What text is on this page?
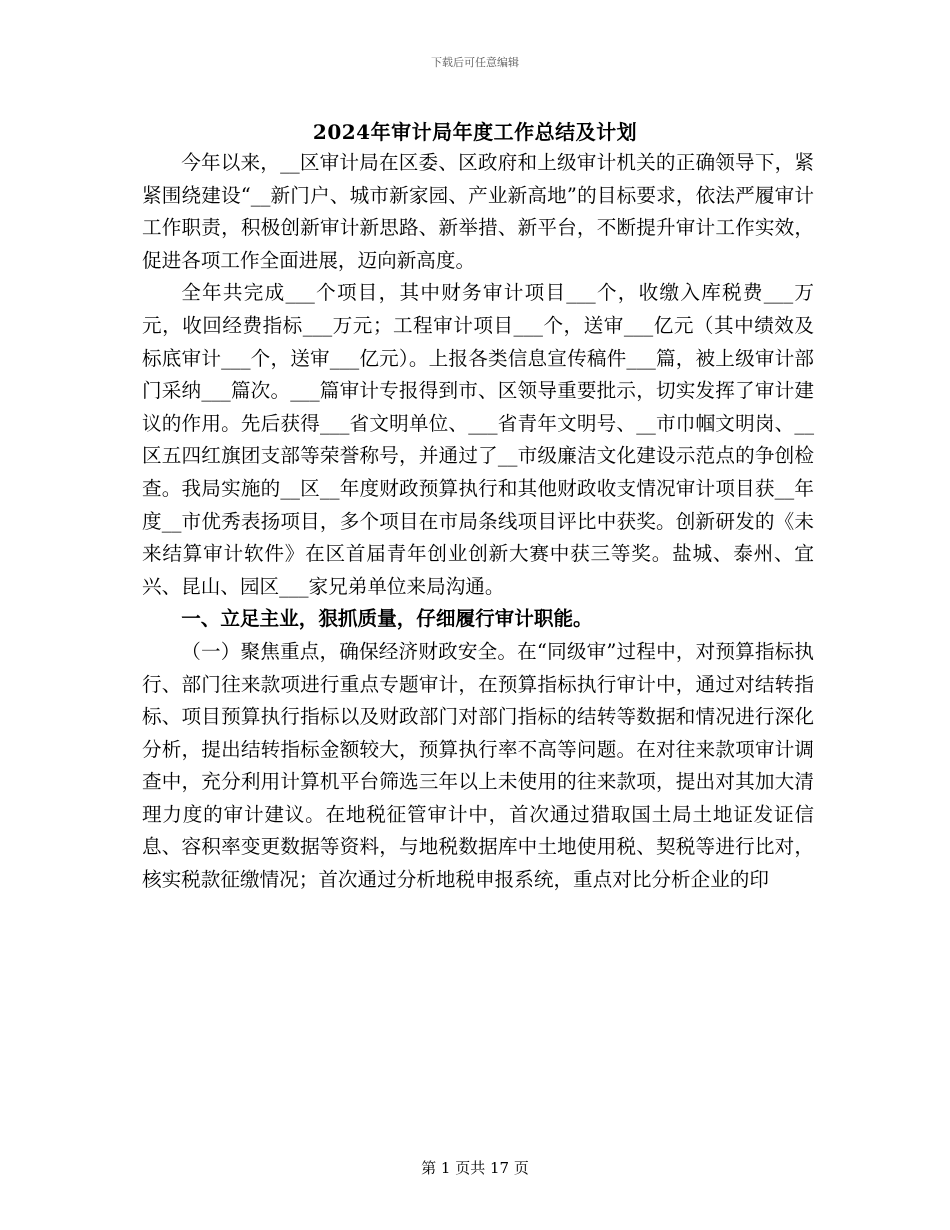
下载后可任意编辑
2024年审计局年度工作总结及计划

今年以来，__区审计局在区委、区政府和上级审计机关的正确领导下，紧紧围绕建设“__新门户、城市新家园、产业新高地”的目标要求，依法严履审计工作职责，积极创新审计新思路、新举措、新平台，不断提升审计工作实效，促进各项工作全面进展，迈向新高度。

全年共完成___个项目，其中财务审计项目___个，收缴入库税费___万元，收回经费指标___万元；工程审计项目___个，送审___亿元（其中绩效及标底审计___个，送审___亿元）。上报各类信息宣传稿件___篇，被上级审计部门采纳___篇次。___篇审计专报得到市、区领导重要批示，切实发挥了审计建议的作用。先后获得___省文明单位、___省青年文明号、__市巾帼文明岗、__区五四红旗团支部等荣誉称号，并通过了__市级廉洁文化建设示范点的争创检查。我局实施的__区__年度财政预算执行和其他财政收支情况审计项目获__年度__市优秀表扬项目，多个项目在市局条线项目评比中获奖。创新研发的《未来结算审计软件》在区首届青年创业创新大赛中获三等奖。盐城、泰州、宜兴、昆山、园区___家兄弟单位来局沟通。

一、立足主业，狠抓质量，仔细履行审计职能。

（一）聚焦重点，确保经济财政安全。在“同级审”过程中，对预算指标执行、部门往来款项进行重点专题审计，在预算指标执行审计中，通过对结转指标、项目预算执行指标以及财政部门对部门指标的结转等数据和情况进行深化分析，提出结转指标金额较大，预算执行率不高等问题。在对往来款项审计调查中，充分利用计算机平台筛选三年以上未使用的往来款项，提出对其加大清理力度的审计建议。在地税征管审计中，首次通过猎取国土局土地证发证信息、容积率变更数据等资料，与地税数据库中土地使用税、契税等进行比对，核实税款征缴情况；首次通过分析地税申报系统，重点对比分析企业的印

第 1 页共 17 页
